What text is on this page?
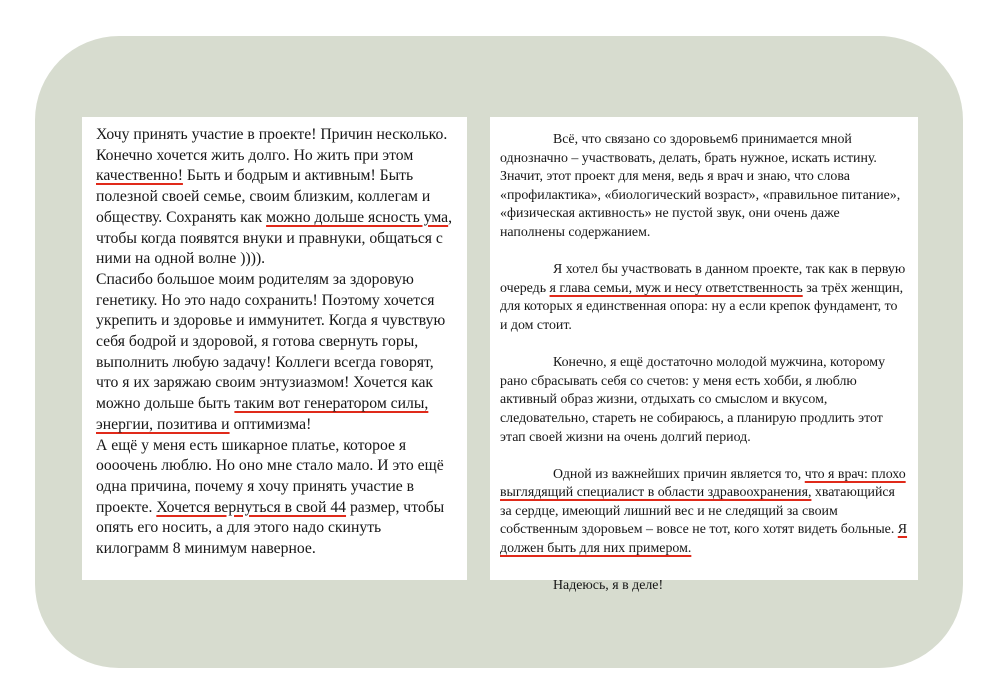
Хочу принять участие в проекте! Причин несколько. Конечно хочется жить долго. Но жить при этом качественно! Быть и бодрым и активным! Быть полезной своей семье, своим близким, коллегам и обществу. Сохранять как можно дольше ясность ума, чтобы когда появятся внуки и правнуки, общаться с ними на одной волне )))).

Спасибо большое моим родителям за здоровую генетику. Но это надо сохранить! Поэтому хочется укрепить и здоровье и иммунитет. Когда я чувствую себя бодрой и здоровой, я готова свернуть горы, выполнить любую задачу! Коллеги всегда говорят, что я их заряжаю своим энтузиазмом! Хочется как можно дольше быть таким вот генератором силы, энергии, позитива и оптимизма!

А ещё у меня есть шикарное платье, которое я оооочень люблю. Но оно мне стало мало. И это ещё одна причина, почему я хочу принять участие в проекте. Хочется вернуться в свой 44 размер, чтобы опять его носить, а для этого надо скинуть килограмм 8 минимум наверное.

Всё, что связано со здоровьем6 принимается мной однозначно – участвовать, делать, брать нужное, искать истину. Значит, этот проект для меня, ведь я врач и знаю, что слова «профилактика», «биологический возраст», «правильное питание», «физическая активность» не пустой звук, они очень даже наполнены содержанием.

Я хотел бы участвовать в данном проекте, так как в первую очередь я глава семьи, муж и несу ответственность за трёх женщин, для которых я единственная опора: ну а если крепок фундамент, то и дом стоит.

Конечно, я ещё достаточно молодой мужчина, которому рано сбрасывать себя со счетов: у меня есть хобби, я люблю активный образ жизни, отдыхать со смыслом и вкусом, следовательно, стареть не собираюсь, а планирую продлить этот этап своей жизни на очень долгий период.

Одной из важнейших причин является то, что я врач: плохо выглядящий специалист в области здравоохранения, хватающийся за сердце, имеющий лишний вес и не следящий за своим собственным здоровьем – вовсе не тот, кого хотят видеть больные. Я должен быть для них примером.

Надеюсь, я в деле!
